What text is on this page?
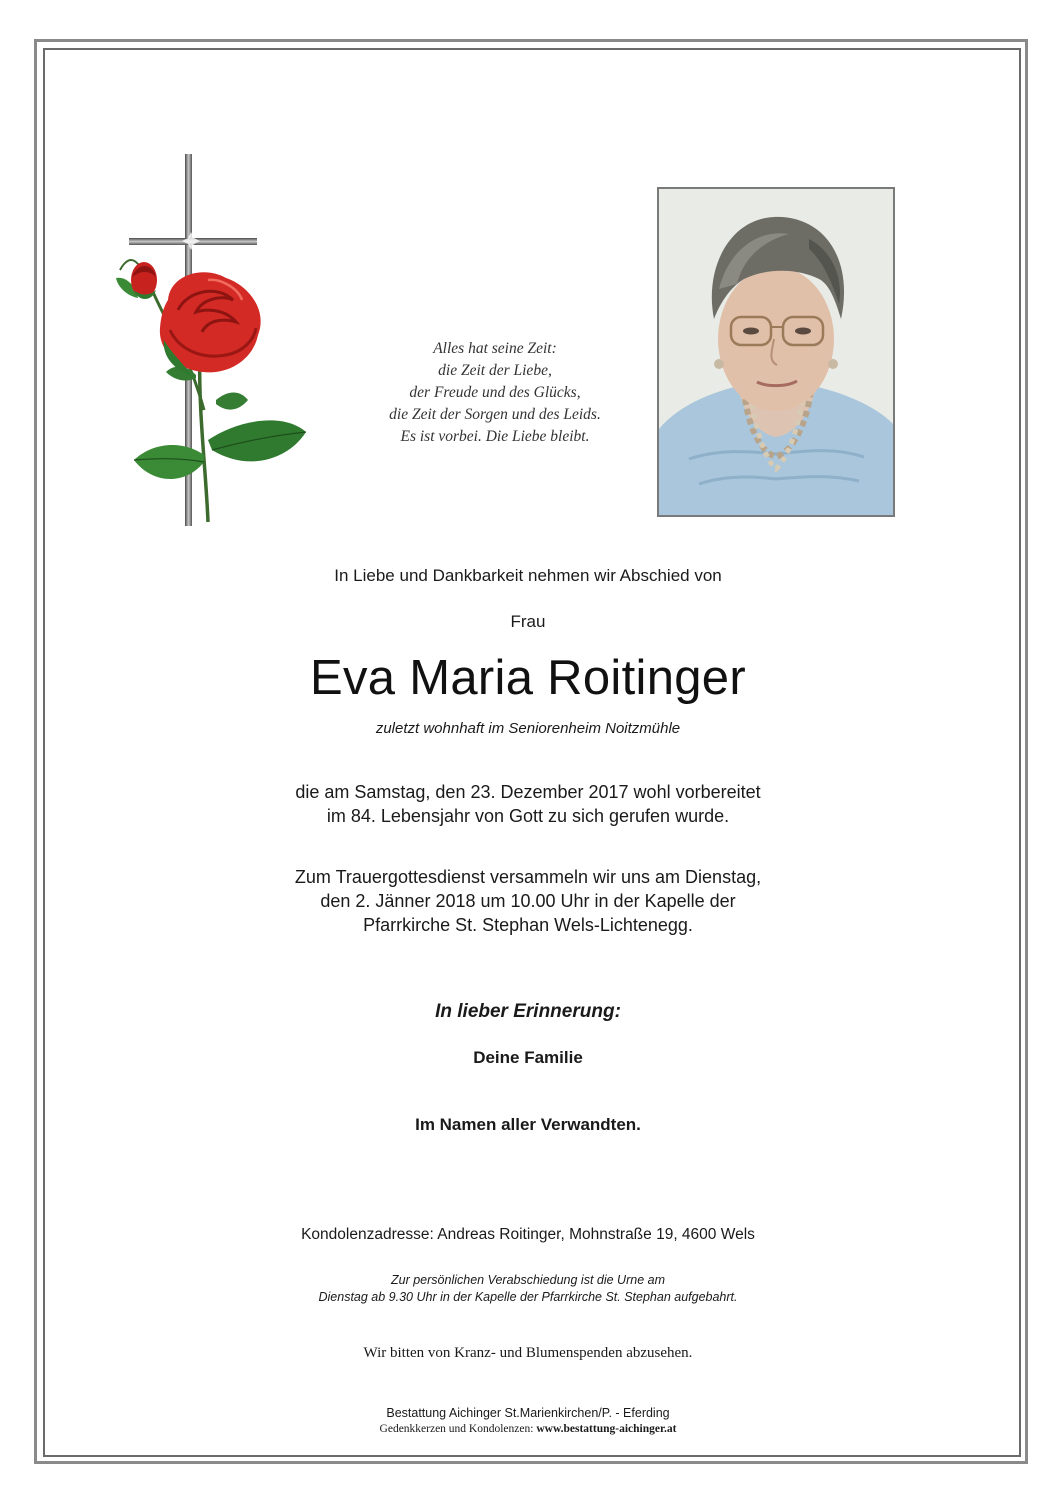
Alles hat seine Zeit:
die Zeit der Liebe,
der Freude und des Glücks,
die Zeit der Sorgen und des Leids.
Es ist vorbei. Die Liebe bleibt.
In Liebe und Dankbarkeit nehmen wir Abschied von
Frau
Eva Maria Roitinger
zuletzt wohnhaft im Seniorenheim Noitzmühle
die am Samstag, den 23. Dezember 2017 wohl vorbereitet
im 84. Lebensjahr von Gott zu sich gerufen wurde.
Zum Trauergottesdienst versammeln wir uns am Dienstag,
den 2. Jänner 2018 um 10.00 Uhr in der Kapelle der
Pfarrkirche St. Stephan Wels-Lichtenegg.
In lieber Erinnerung:
Deine Familie
Im Namen aller Verwandten.
Kondolenzadresse: Andreas Roitinger, Mohnstraße 19, 4600 Wels
Zur persönlichen Verabschiedung ist die Urne am
Dienstag ab 9.30 Uhr in der Kapelle der Pfarrkirche St. Stephan aufgebahrt.
Wir bitten von Kranz- und Blumenspenden abzusehen.
Bestattung Aichinger St.Marienkirchen/P. - Eferding
Gedenkkerzen und Kondolenzen: www.bestattung-aichinger.at
